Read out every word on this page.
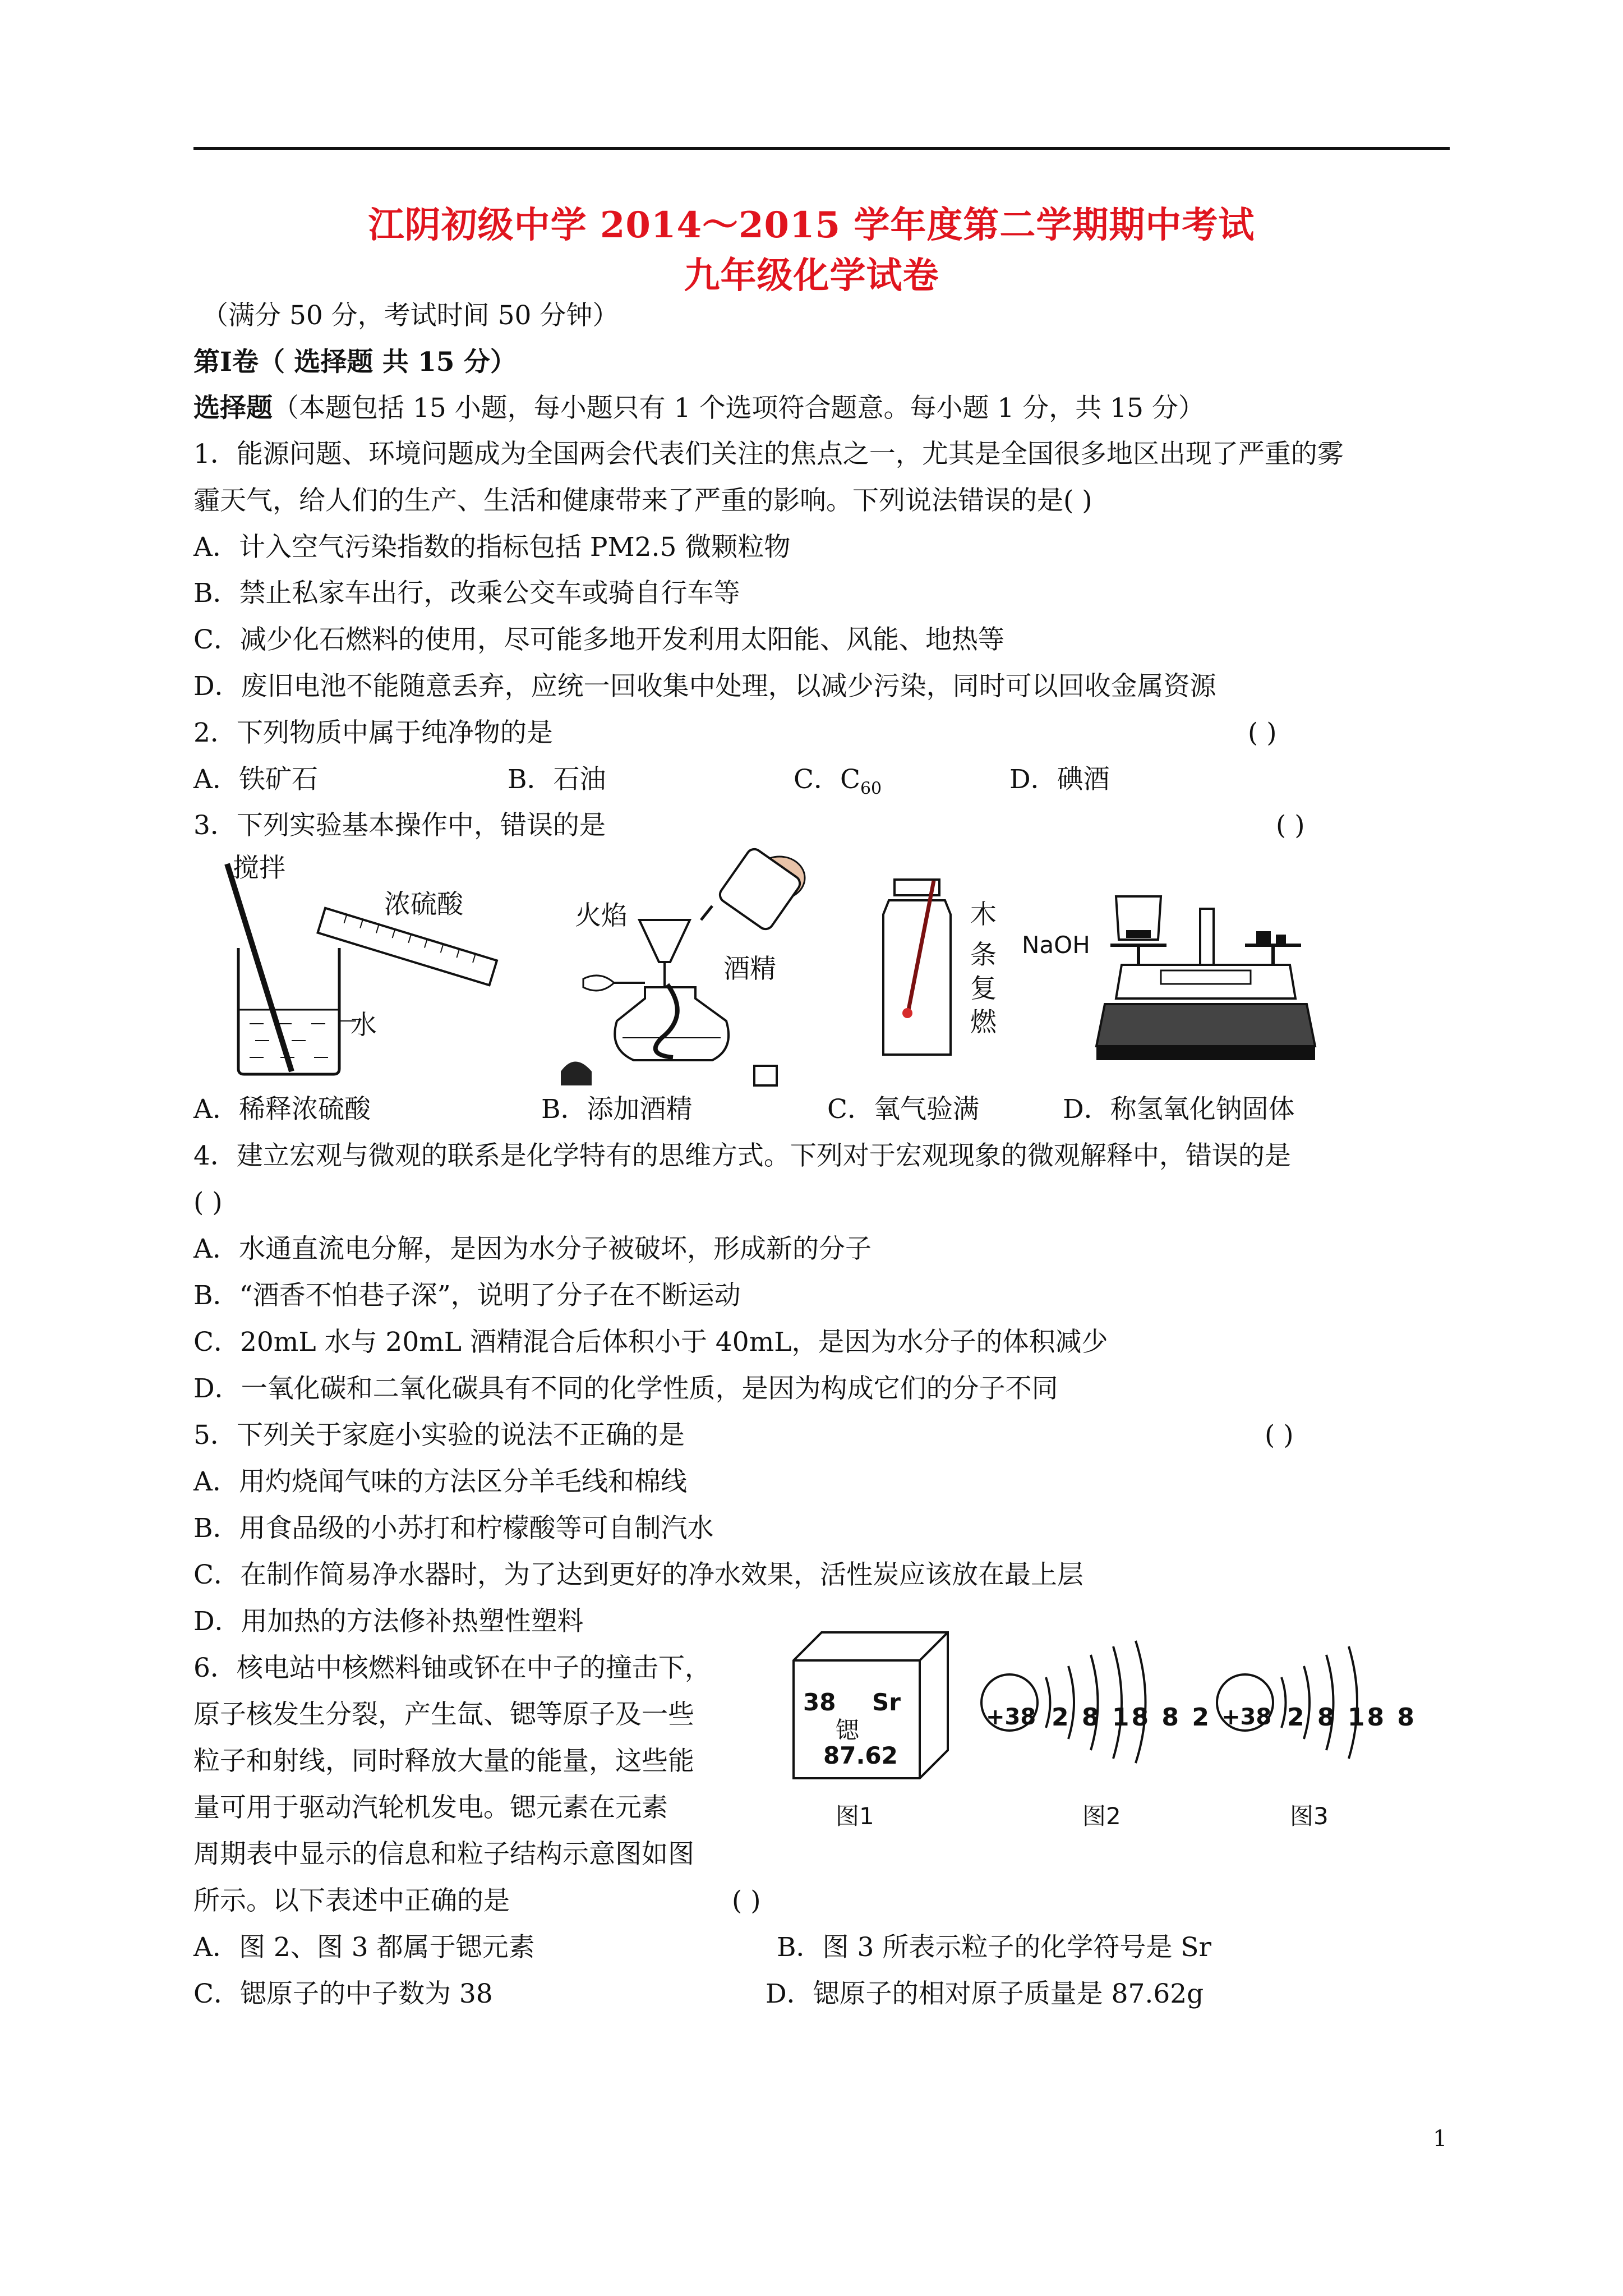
江阴初级中学 2014～2015 学年度第二学期期中考试
九年级化学试卷
（满分 50 分，考试时间 50 分钟）
第Ⅰ卷（ 选择题 共 15 分）
选择题（本题包括 15 小题，每小题只有 1 个选项符合题意。每小题 1 分，共 15 分）
1．能源问题、环境问题成为全国两会代表们关注的焦点之一，尤其是全国很多地区出现了严重的雾
霾天气，给人们的生产、生活和健康带来了严重的影响。下列说法错误的是( )
A．计入空气污染指数的指标包括 PM2.5 微颗粒物
B．禁止私家车出行，改乘公交车或骑自行车等
C．减少化石燃料的使用，尽可能多地开发利用太阳能、风能、地热等
D．废旧电池不能随意丢弃，应统一回收集中处理，以减少污染，同时可以回收金属资源
2．下列物质中属于纯净物的是	( )
A．铁矿石	B．石油	C．$C_{60}$	D．碘酒
3．下列实验基本操作中，错误的是	( )
搅拌
浓硫酸
水
火焰
酒精
木
条
复
燃
NaOH
A．稀释浓硫酸	B．添加酒精	C．氧气验满	D．称氢氧化钠固体
4．建立宏观与微观的联系是化学特有的思维方式。下列对于宏观现象的微观解释中，错误的是
( )
A．水通直流电分解，是因为水分子被破坏，形成新的分子
B．“酒香不怕巷子深”，说明了分子在不断运动
C．20mL 水与 20mL 酒精混合后体积小于 40mL，是因为水分子的体积减少
D．一氧化碳和二氧化碳具有不同的化学性质，是因为构成它们的分子不同
5．下列关于家庭小实验的说法不正确的是	( )
A．用灼烧闻气味的方法区分羊毛线和棉线
B．用食品级的小苏打和柠檬酸等可自制汽水
C．在制作简易净水器时，为了达到更好的净水效果，活性炭应该放在最上层
D．用加热的方法修补热塑性塑料
6．核电站中核燃料铀或钚在中子的撞击下，
原子核发生分裂，产生氙、锶等原子及一些
粒子和射线，同时释放大量的能量，这些能
量可用于驱动汽轮机发电。锶元素在元素
周期表中显示的信息和粒子结构示意图如图
所示。以下表述中正确的是	( )
38 Sr
锶
87.62
+38 2 8 18 8 2 +38 2 8 18 8
图1	图2	图3
A．图 2、图 3 都属于锶元素	B．图 3 所表示粒子的化学符号是 Sr
C．锶原子的中子数为 38	D．锶原子的相对原子质量是 87.62g
1
